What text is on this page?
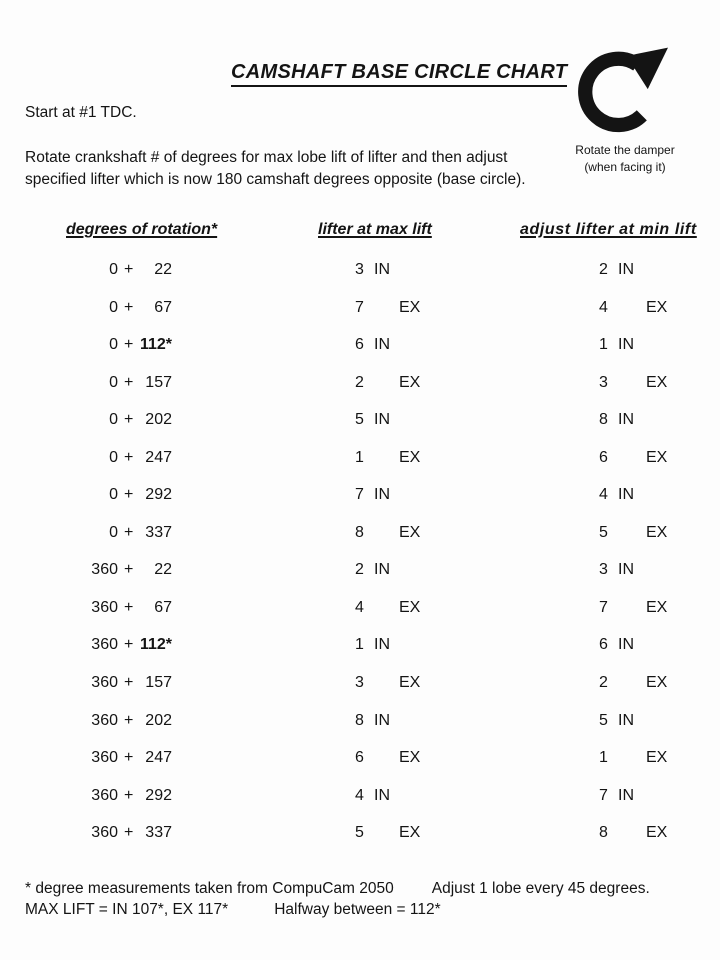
CAMSHAFT BASE CIRCLE CHART
Start at #1 TDC.

Rotate crankshaft # of degrees for max lobe lift of lifter and then adjust
specified lifter which is now 180 camshaft degrees opposite (base circle).

Rotate the damper
(when facing it)
degrees of rotation*	lifter at max lift	adjust lifter at min lift
0 +	22	3 IN	2 IN
0 +	67	7 EX	4 EX
0 + 112*	6 IN	1 IN
0 + 157	2 EX	3 EX
0 + 202	5 IN	8 IN
0 + 247	1 EX	6 EX
0 + 292	7 IN	4 IN
0 + 337	8 EX	5 EX
360 +	22	2 IN	3 IN
360 +	67	4 EX	7 EX
360 + 112*	1 IN	6 IN
360 + 157	3 EX	2 EX
360 + 202	8 IN	5 IN
360 + 247	6 EX	1 EX
360 + 292	4 IN	7 IN
360 + 337	5 EX	8 EX
* degree measurements taken from CompuCam 2050 Adjust 1 lobe every 45 degrees.
MAX LIFT = IN 107*, EX 117*	Halfway between = 112*
